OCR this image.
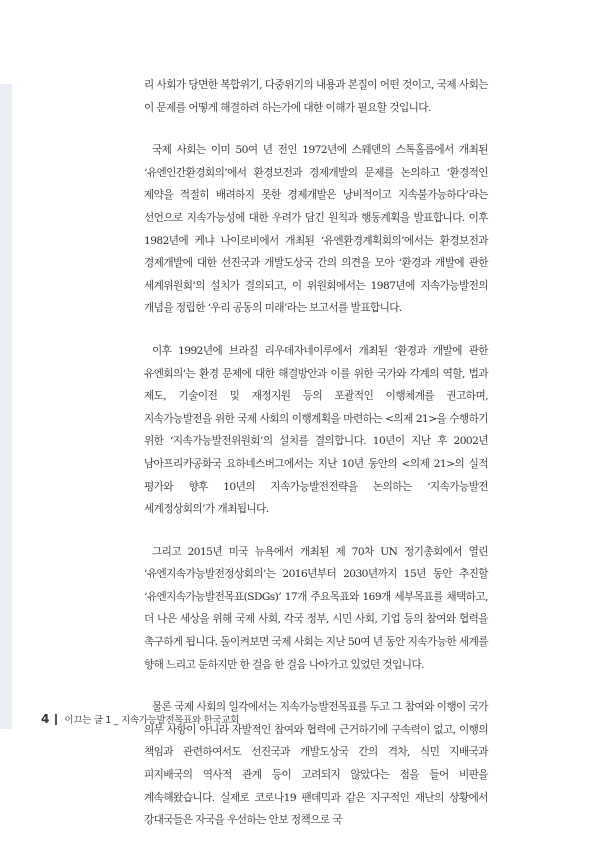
리 사회가 당면한 복합위기, 다중위기의 내용과 본질이 어떤 것이고, 국제 사회는 이 문제를 어떻게 해결하려 하는가에 대한 이해가 필요할 것입니다.

국제 사회는 이미 50여 년 전인 1972년에 스웨덴의 스톡홀름에서 개최된 ‘유엔인간환경회의’에서 환경보전과 경제개발의 문제를 논의하고 ‘환경적인 제약을 적절히 배려하지 못한 경제개발은 낭비적이고 지속불가능하다’라는 선언으로 지속가능성에 대한 우려가 담긴 원칙과 행동계획을 발표합니다. 이후 1982년에 케냐 나이로비에서 개최된 ‘유엔환경계획회의’에서는 환경보전과 경제개발에 대한 선진국과 개발도상국 간의 의견을 모아 ‘환경과 개발에 관한 세계위원회’의 설치가 결의되고, 이 위원회에서는 1987년에 지속가능발전의 개념을 정립한 ‘우리 공동의 미래’라는 보고서를 발표합니다.

이후 1992년에 브라질 리우데자네이루에서 개최된 ‘환경과 개발에 관한 유엔회의’는 환경 문제에 대한 해결방안과 이를 위한 국가와 각계의 역할, 법과 제도, 기술이전 및 재정지원 등의 포괄적인 이행체계를 권고하며, 지속가능발전을 위한 국제 사회의 이행계획을 마련하는 <의제 21>을 수행하기 위한 ‘지속가능발전위원회’의 설치를 결의합니다. 10년이 지난 후 2002년 남아프리카공화국 요하네스버그에서는 지난 10년 동안의 <의제 21>의 실적 평가와 향후 10년의 지속가능발전전략을 논의하는 ‘지속가능발전 세계정상회의’가 개최됩니다.

그리고 2015년 미국 뉴욕에서 개최된 제 70차 UN 정기총회에서 열린 ‘유엔지속가능발전정상회의’는 2016년부터 2030년까지 15년 동안 추진할 ‘유엔지속가능발전목표(SDGs)’ 17개 주요목표와 169개 세부목표를 채택하고, 더 나은 세상을 위해 국제 사회, 각국 정부, 시민 사회, 기업 등의 참여와 협력을 촉구하게 됩니다. 돌이켜보면 국제 사회는 지난 50여 년 동안 지속가능한 세계를 향해 느리고 둔하지만 한 걸음 한 걸음 나아가고 있었던 것입니다.

물론 국제 사회의 일각에서는 지속가능발전목표를 두고 그 참여와 이행이 국가 의무 사항이 아니라 자발적인 참여와 협력에 근거하기에 구속력이 없고, 이행의 책임과 관련하여서도 선진국과 개발도상국 간의 격차, 식민 지배국과 피지배국의 역사적 관계 등이 고려되지 않았다는 점을 들어 비판을 계속해왔습니다. 실제로 코로나19 팬데믹과 같은 지구적인 재난의 상황에서 강대국들은 자국을 우선하는 안보 정책으로 국

4 이끄는 글 1 _ 지속가능발전목표와 한국교회
